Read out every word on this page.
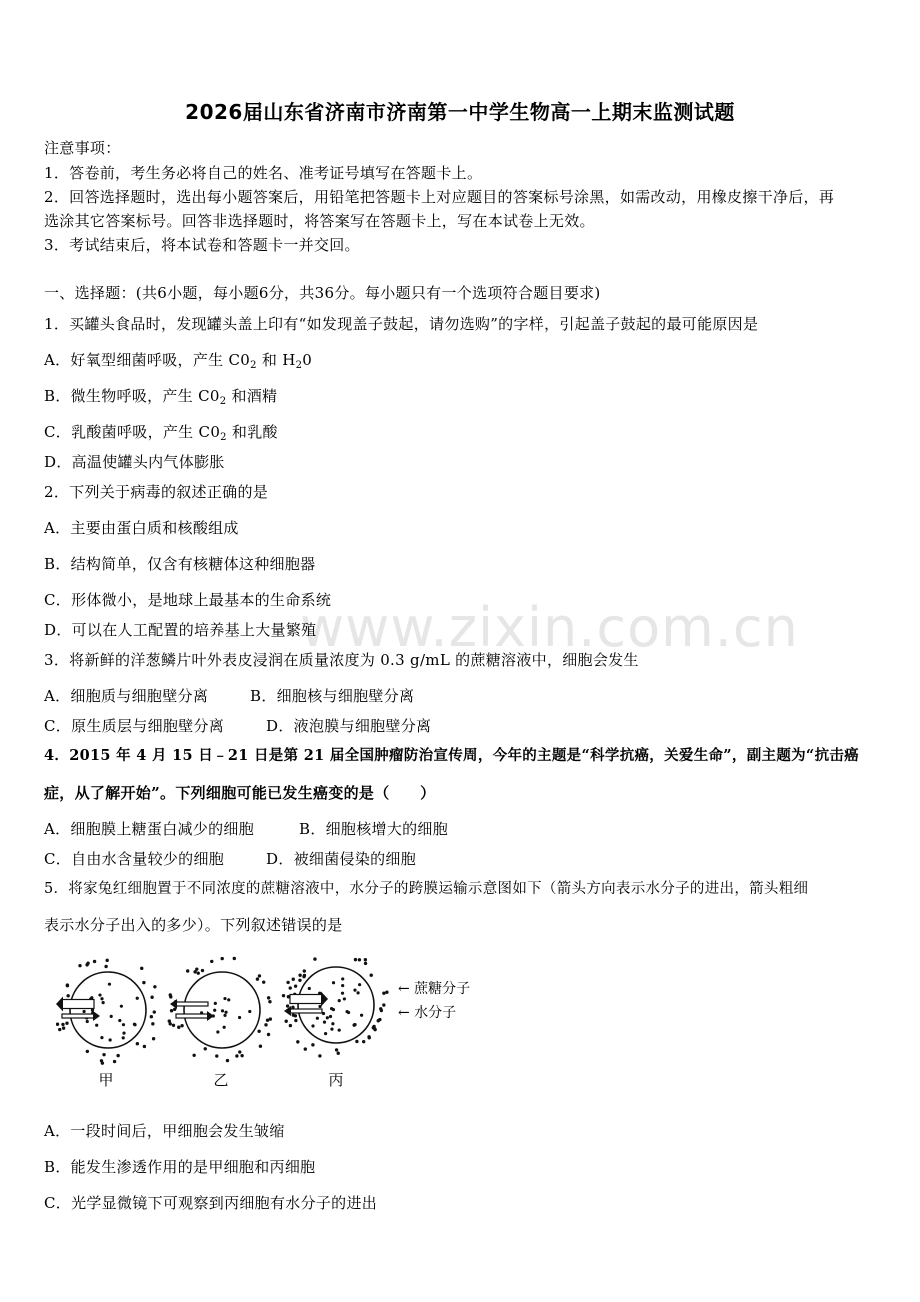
www.zixin.com.cn
2026届山东省济南市济南第一中学生物高一上期末监测试题
注意事项：
1．答卷前，考生务必将自己的姓名、准考证号填写在答题卡上。
2．回答选择题时，选出每小题答案后，用铅笔把答题卡上对应题目的答案标号涂黑，如需改动，用橡皮擦干净后，再
选涂其它答案标号。回答非选择题时，将答案写在答题卡上，写在本试卷上无效。
3．考试结束后，将本试卷和答题卡一并交回。
一、选择题：(共6小题，每小题6分，共36分。每小题只有一个选项符合题目要求)
1．买罐头食品时，发现罐头盖上印有“如发现盖子鼓起，请勿选购”的字样，引起盖子鼓起的最可能原因是
A．好氧型细菌呼吸，产生 $C0_2$ 和 $H_20$
B．微生物呼吸，产生 $C0_2$ 和酒精
C．乳酸菌呼吸，产生 $C0_2$ 和乳酸
D．高温使罐头内气体膨胀
2．下列关于病毒的叙述正确的是
A．主要由蛋白质和核酸组成
B．结构简单，仅含有核糖体这种细胞器
C．形体微小，是地球上最基本的生命系统
D．可以在人工配置的培养基上大量繁殖
3．将新鲜的洋葱鳞片叶外表皮浸润在质量浓度为 0.3 g/mL 的蔗糖溶液中，细胞会发生
A．细胞质与细胞壁分离	B．细胞核与细胞壁分离
C．原生质层与细胞壁分离	D．液泡膜与细胞壁分离
4．2015 年 4 月 15 日﹣21 日是第 21 届全国肿瘤防治宣传周，今年的主题是“科学抗癌，关爱生命”，副主题为“抗击癌
症，从了解开始”。下列细胞可能已发生癌变的是（　　）
A．细胞膜上糖蛋白减少的细胞	B．细胞核增大的细胞
C．自由水含量较少的细胞	D．被细菌侵染的细胞
5．将家兔红细胞置于不同浓度的蔗糖溶液中，水分子的跨膜运输示意图如下（箭头方向表示水分子的进出，箭头粗细
表示水分子出入的多少）。下列叙述错误的是
甲	乙	丙
← 蔗糖分子
← 水分子
A．一段时间后，甲细胞会发生皱缩
B．能发生渗透作用的是甲细胞和丙细胞
C．光学显微镜下可观察到丙细胞有水分子的进出
